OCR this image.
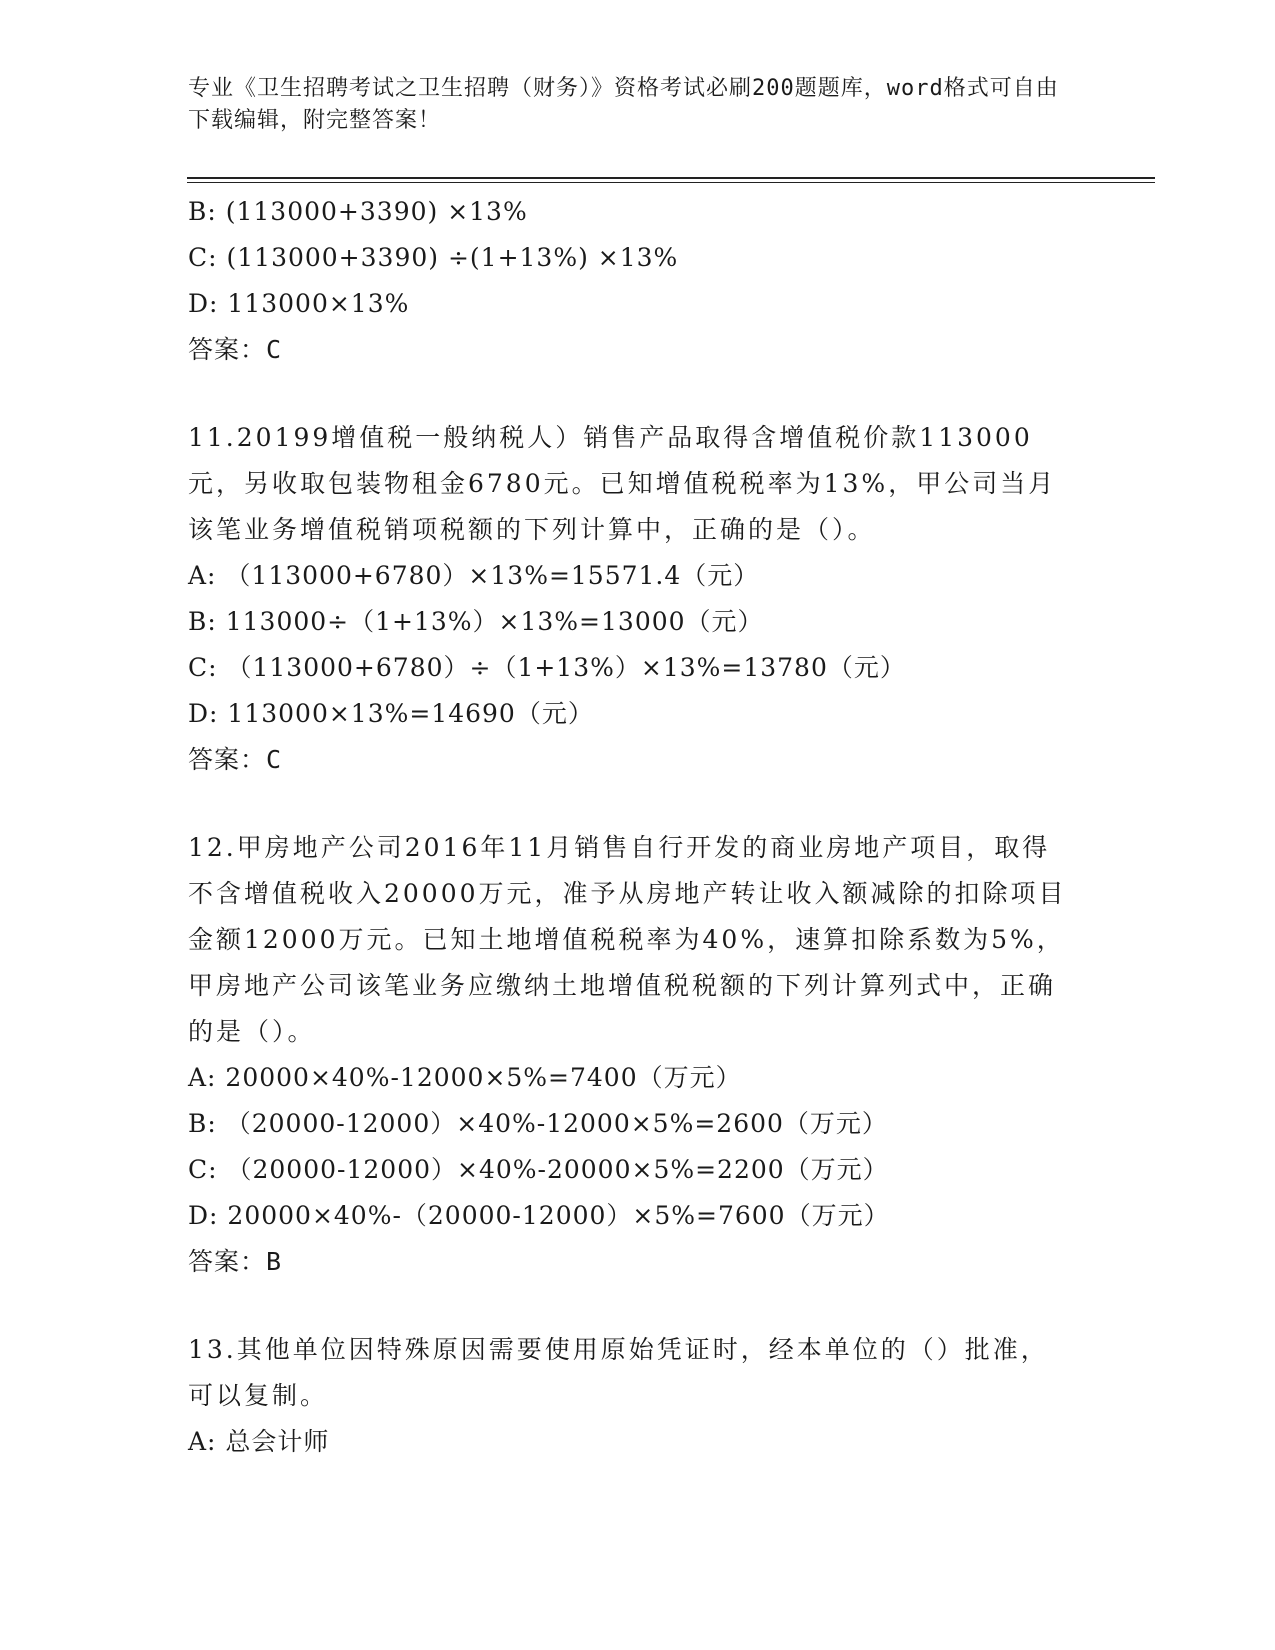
专业《卫生招聘考试之卫生招聘（财务）》资格考试必刷200题题库，word格式可自由下载编辑，附完整答案！
B: (113000+3390) ×13%
C: (113000+3390) ÷(1+13%) ×13%
D: 113000×13%
答案：C
11.20199增值税一般纳税人）销售产品取得含增值税价款113000元，另收取包装物租金6780元。已知增值税税率为13%，甲公司当月该笔业务增值税销项税额的下列计算中，正确的是（）。
A: （113000+6780）×13%=15571.4（元）
B: 113000÷（1+13%）×13%=13000（元）
C: （113000+6780）÷（1+13%）×13%=13780（元）
D: 113000×13%=14690（元）
答案：C
12.甲房地产公司2016年11月销售自行开发的商业房地产项目，取得不含增值税收入20000万元，准予从房地产转让收入额减除的扣除项目金额12000万元。已知土地增值税税率为40%，速算扣除系数为5%，甲房地产公司该笔业务应缴纳土地增值税税额的下列计算列式中，正确的是（）。
A: 20000×40%-12000×5%=7400（万元）
B: （20000-12000）×40%-12000×5%=2600（万元）
C: （20000-12000）×40%-20000×5%=2200（万元）
D: 20000×40%-（20000-12000）×5%=7600（万元）
答案：B
13.其他单位因特殊原因需要使用原始凭证时，经本单位的（）批准，可以复制。
A: 总会计师
